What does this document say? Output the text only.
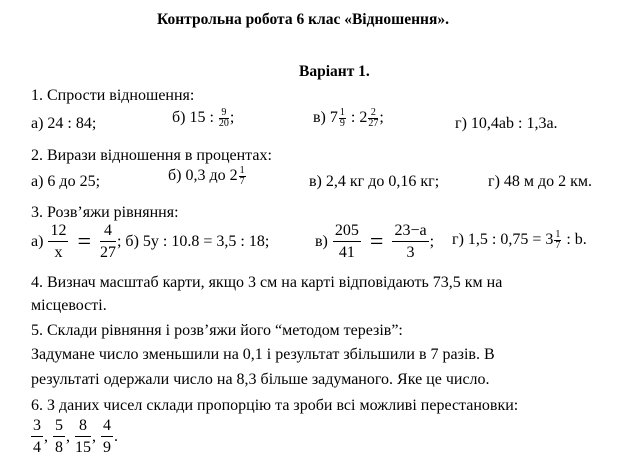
Контрольна робота 6 клас «Відношення».
Варіант 1.
1. Спрости відношення:
а) 24 : 84;	б) 15 : $\frac{9}{20}$ ;	в) $7 \frac{1}{9}$ : $2 \frac{2}{27}$ ;	г) 10,4ab : 1,3a.
2. Вирази відношення в процентах:
а) 6 до 25;	б) 0,3 до $2 \frac{1}{7}$	в) 2,4 кг до 0,16 кг;	г) 48 м до 2 км.
3. Розв’яжи рівняння:
$а) \frac{12}{x} = \frac{4}{27}$ ; б) 5у : 10.8 = 3,5 : 18;	$в) \frac{205}{41} = \frac{23-a}{3}$ ; г) 1,5 : $0,75 = 3 \frac{1}{7}$ : b.
4. Визнач масштаб карти, якщо 3 см на карті відповідають 73,5 км на
місцевості.
5. Склади рівняння і розв’яжи його “методом терезів”:
Задумане число зменьшили на 0,1 і результат збільшили в 7 разів. В
результаті одержали число на 8,3 більше задуманого. Яке це число.
6. З даних чисел склади пропорцію та зроби всі можливі перестановки:
$\frac{3}{4}$ , $\frac{5}{8}$ , $\frac{8}{15}$ , $\frac{4}{9}$ .
